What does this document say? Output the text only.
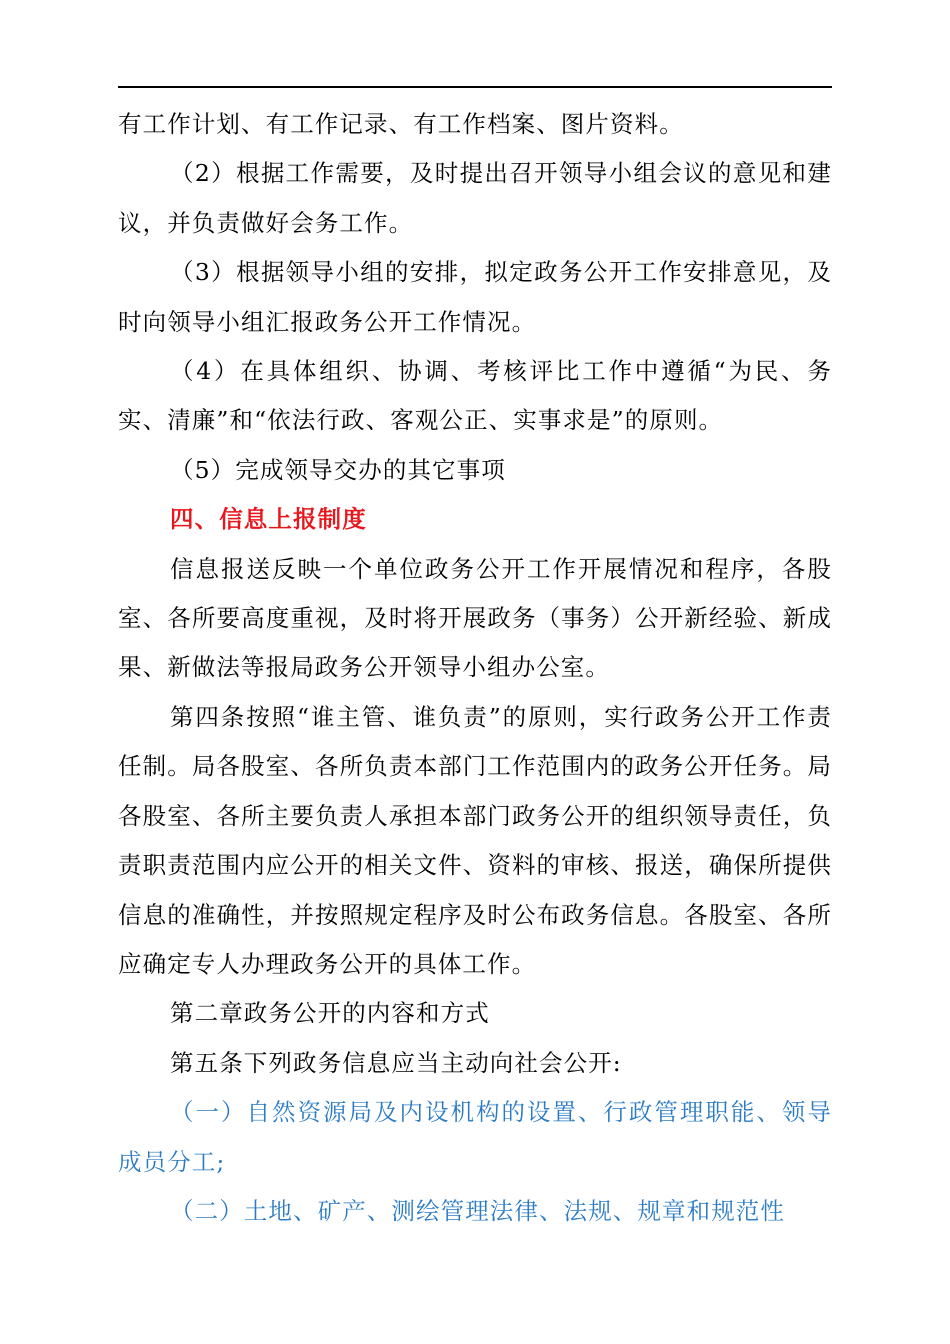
有工作计划、有工作记录、有工作档案、图片资料。

（2）根据工作需要，及时提出召开领导小组会议的意见和建议，并负责做好会务工作。

（3）根据领导小组的安排，拟定政务公开工作安排意见，及时向领导小组汇报政务公开工作情况。

（4）在具体组织、协调、考核评比工作中遵循“为民、务实、清廉”和“依法行政、客观公正、实事求是”的原则。

（5）完成领导交办的其它事项

四、信息上报制度

信息报送反映一个单位政务公开工作开展情况和程序，各股室、各所要高度重视，及时将开展政务（事务）公开新经验、新成果、新做法等报局政务公开领导小组办公室。

第四条按照“谁主管、谁负责”的原则，实行政务公开工作责任制。局各股室、各所负责本部门工作范围内的政务公开任务。局各股室、各所主要负责人承担本部门政务公开的组织领导责任，负责职责范围内应公开的相关文件、资料的审核、报送，确保所提供信息的准确性，并按照规定程序及时公布政务信息。各股室、各所应确定专人办理政务公开的具体工作。

第二章政务公开的内容和方式

第五条下列政务信息应当主动向社会公开:

（一）自然资源局及内设机构的设置、行政管理职能、领导成员分工;

（二）土地、矿产、测绘管理法律、法规、规章和规范性
